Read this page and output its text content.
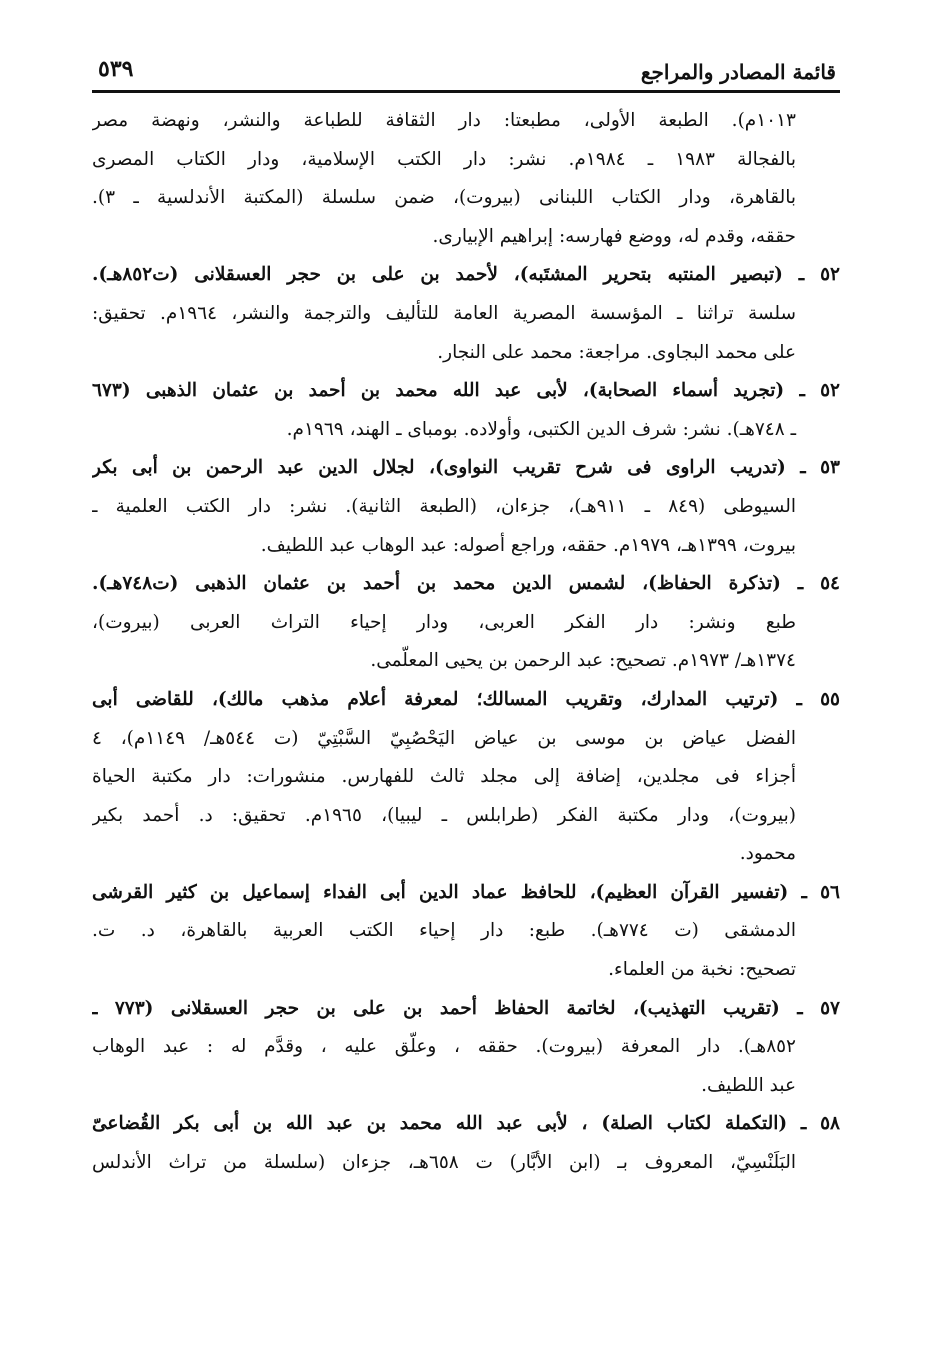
قائمة المصادر والمراجع
٥٣٩
١٠١٣م). الطبعة الأولى، مطبعتا: دار الثقافة للطباعة والنشر، ونهضة مصر
بالفجالة ١٩٨٣ ـ ١٩٨٤م. نشر: دار الكتب الإسلامية، ودار الكتاب المصرى
بالقاهرة، ودار الكتاب اللبنانى (بيروت)، ضمن سلسلة (المكتبة الأندلسية ـ ٣).
حققه، وقدم له، ووضع فهارسه: إبراهيم الإبيارى.
٥٢ ـ (تبصير المنتبه بتحرير المشتَبه)، لأحمد بن على بن حجر العسقلانى (ت٨٥٢هـ).
سلسة تراثنا ـ المؤسسة المصرية العامة للتأليف والترجمة والنشر، ١٩٦٤م. تحقيق:
على محمد البجاوى. مراجعة: محمد على النجار.
٥٢ ـ (تجريد أسماء الصحابة)، لأبى عبد الله محمد بن أحمد بن عثمان الذهبى (٦٧٣
ـ ٧٤٨هـ). نشر: شرف الدين الكتبى، وأولاده. بومباى ـ الهند، ١٩٦٩م.
٥٣ ـ (تدريب الراوى فى شرح تقريب النواوى)، لجلال الدين عبد الرحمن بن أبى بكر
السيوطى (٨٤٩ ـ ٩١١هـ)، جزءان، (الطبعة الثانية). نشر: دار الكتب العلمية ـ
بيروت، ١٣٩٩هـ، ١٩٧٩م. حققه، وراجع أصوله: عبد الوهاب عبد اللطيف.
٥٤ ـ (تذكرة الحفاظ)، لشمس الدين محمد بن أحمد بن عثمان الذهبى (ت٧٤٨هـ).
طبع ونشر: دار الفكر العربى، ودار إحياء التراث العربى (بيروت)،
١٣٧٤هـ/ ١٩٧٣م. تصحيح: عبد الرحمن بن يحيى المعلّمى.
٥٥ ـ (ترتيب المدارك، وتقريب المسالك؛ لمعرفة أعلام مذهب مالك)، للقاضى أبى
الفضل عياض بن موسى بن عياض اليَحْصُبِيّ السَّبْتِيّ (ت ٥٤٤هـ/ ١١٤٩م)، ٤
أجزاء فى مجلدين، إضافة إلى مجلد ثالث للفهارس. منشورات: دار مكتبة الحياة
(بيروت)، ودار مكتبة الفكر (طرابلس ـ ليبيا)، ١٩٦٥م. تحقيق: د. أحمد بكير
محمود.
٥٦ ـ (تفسير القرآن العظيم)، للحافظ عماد الدين أبى الفداء إسماعيل بن كثير القرشى
الدمشقى (ت ٧٧٤هـ). طبع: دار إحياء الكتب العربية بالقاهرة، د. ت.
تصحيح: نخبة من العلماء.
٥٧ ـ (تقريب التهذيب)، لخاتمة الحفاظ أحمد بن على بن حجر العسقلانى (٧٧٣ ـ
٨٥٢هـ). دار المعرفة (بيروت). حققه ، وعلّق عليه ، وقدَّم له : عبد الوهاب
عبد اللطيف.
٥٨ ـ (التكملة لكتاب الصلة) ، لأبى عبد الله محمد بن عبد الله بن أبى بكر القُضاعىّ
البَلَنْسِيّ، المعروف بـ (ابن الأبَّار) ت ٦٥٨هـ، جزءان (سلسلة من تراث الأندلس
